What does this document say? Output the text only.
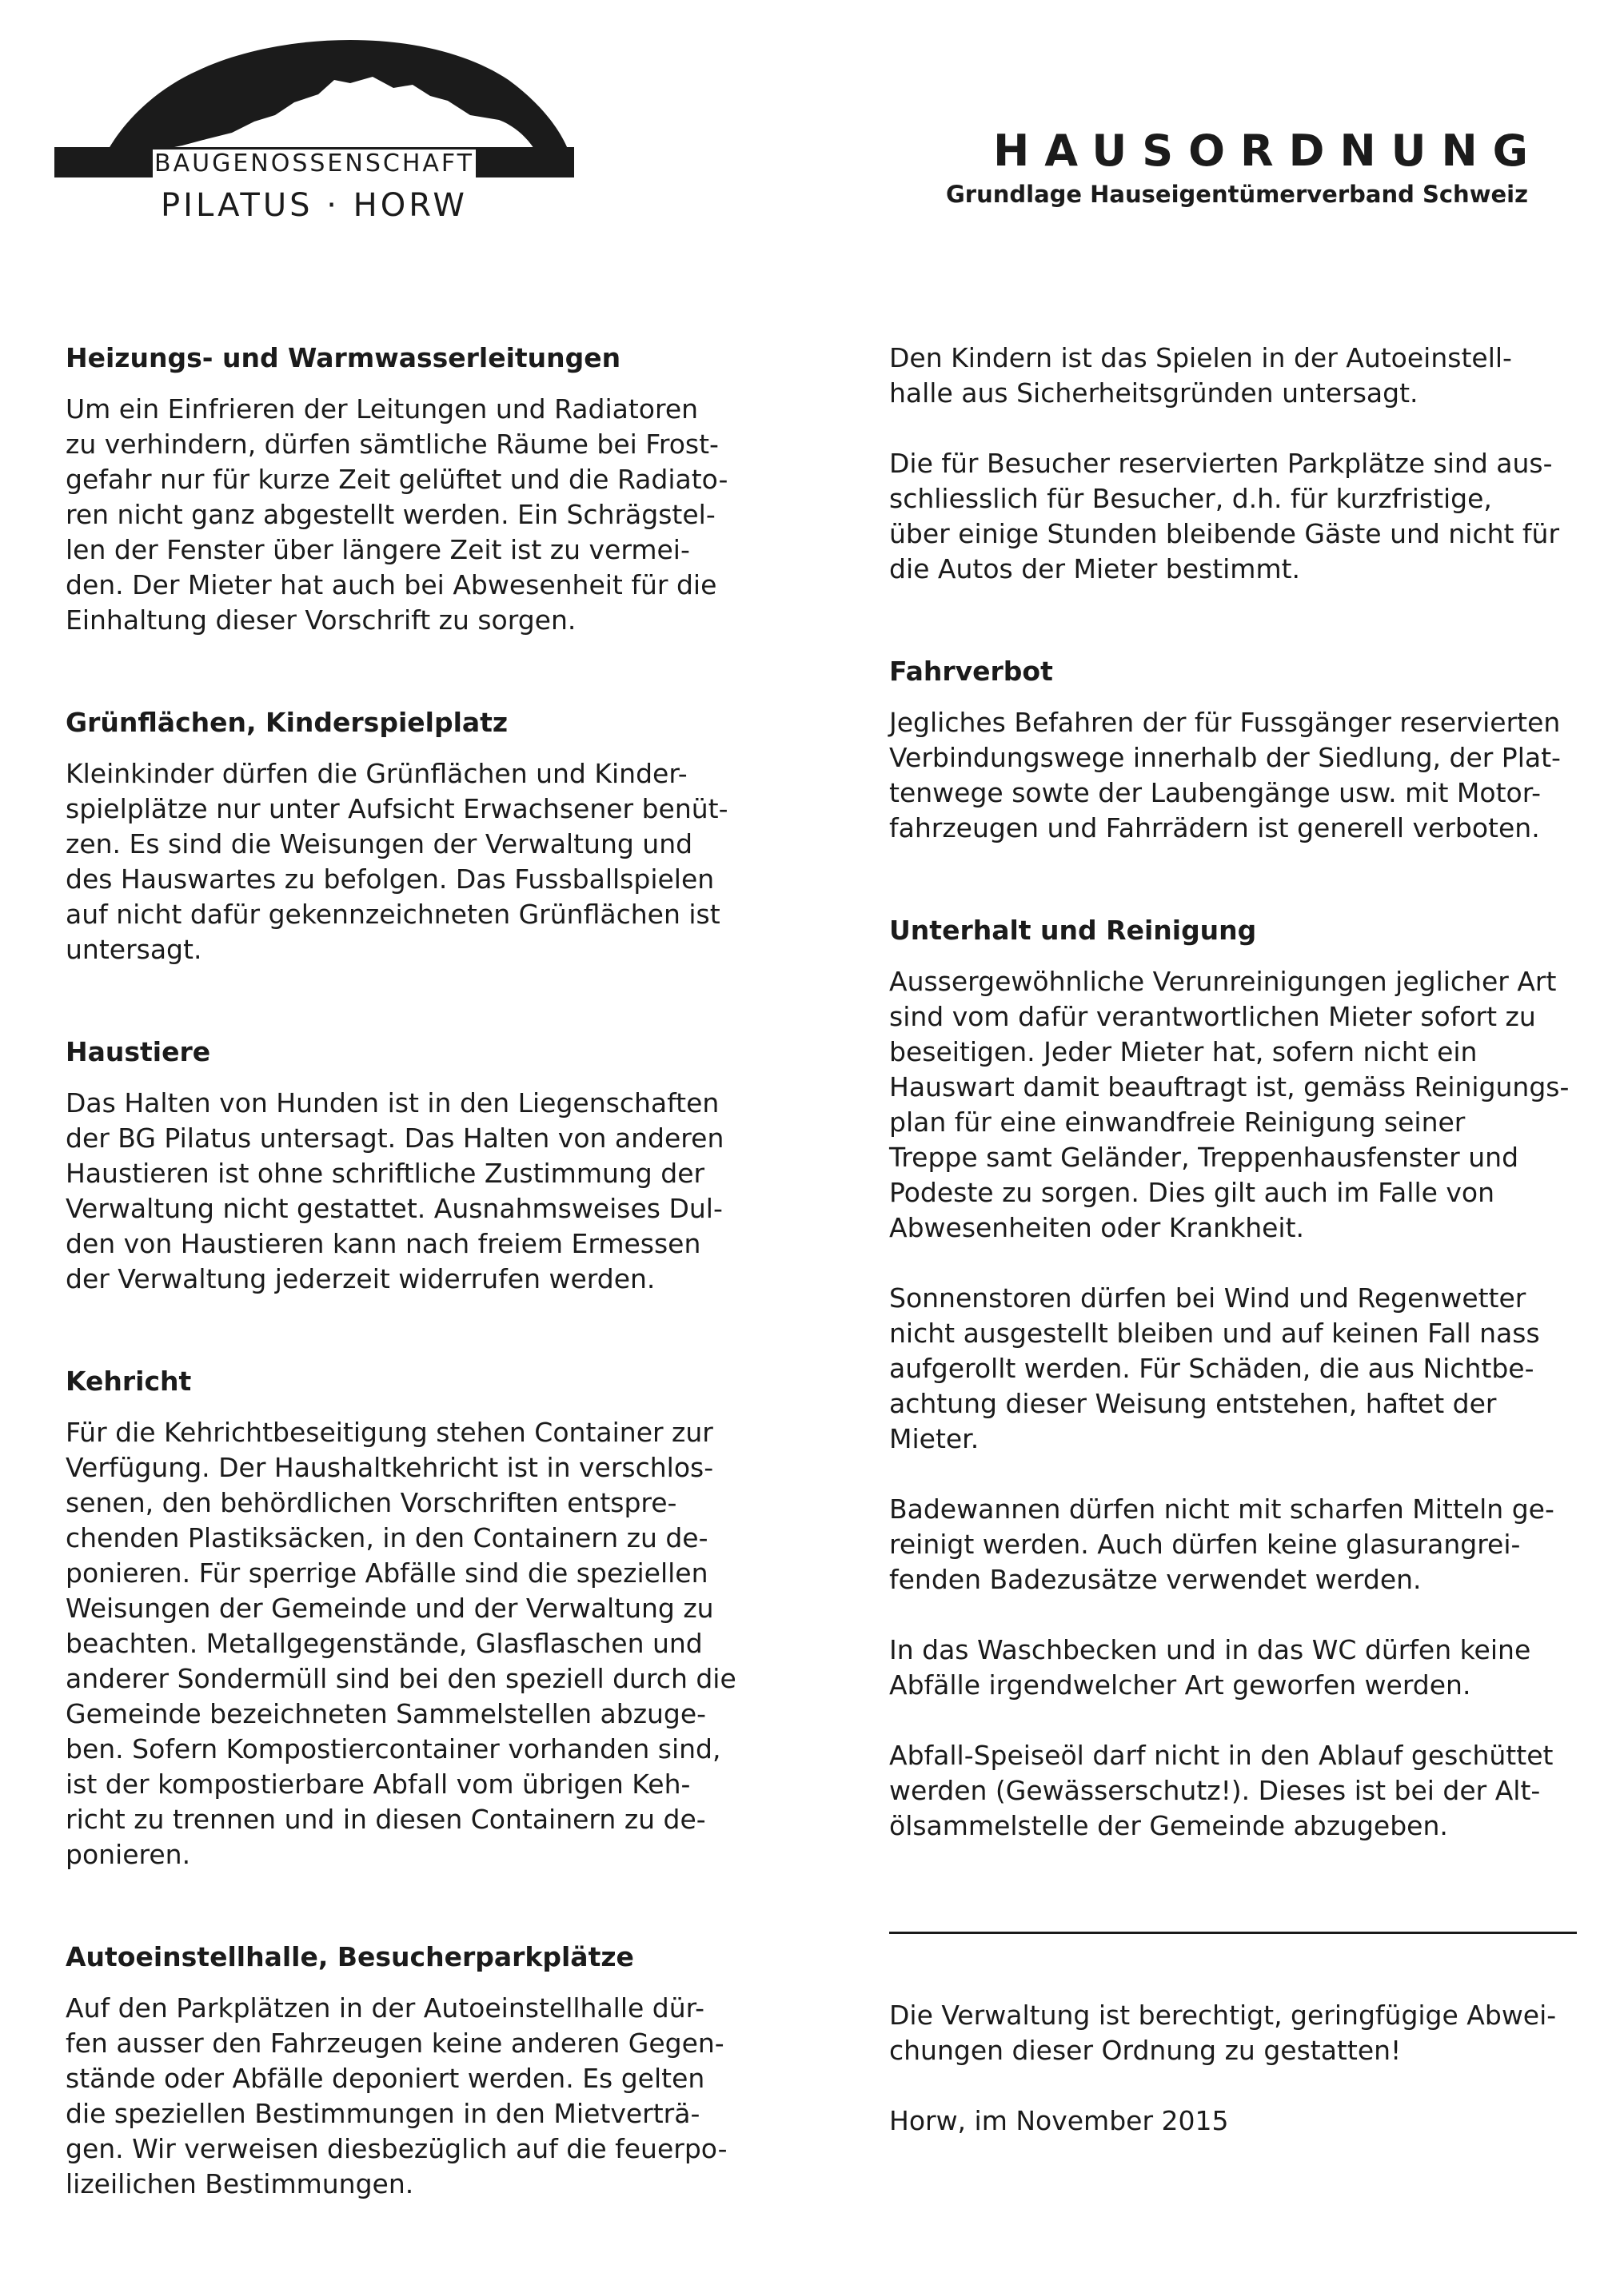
BAUGENOSSENSCHAFT
PILATUS · HORW
HAUSORDNUNG
Grundlage Hauseigentümerverband Schweiz
Heizungs- und Warmwasserleitungen

Um ein Einfrieren der Leitungen und Radiatoren
zu verhindern, dürfen sämtliche Räume bei Frost-
gefahr nur für kurze Zeit gelüftet und die Radiato-
ren nicht ganz abgestellt werden. Ein Schrägstel-
len der Fenster über längere Zeit ist zu vermei-
den. Der Mieter hat auch bei Abwesenheit für die
Einhaltung dieser Vorschrift zu sorgen.

Grünflächen, Kinderspielplatz

Kleinkinder dürfen die Grünflächen und Kinder-
spielplätze nur unter Aufsicht Erwachsener benüt-
zen. Es sind die Weisungen der Verwaltung und
des Hauswartes zu befolgen. Das Fussballspielen
auf nicht dafür gekennzeichneten Grünflächen ist
untersagt.

Haustiere

Das Halten von Hunden ist in den Liegenschaften
der BG Pilatus untersagt. Das Halten von anderen
Haustieren ist ohne schriftliche Zustimmung der
Verwaltung nicht gestattet. Ausnahmsweises Dul-
den von Haustieren kann nach freiem Ermessen
der Verwaltung jederzeit widerrufen werden.

Kehricht

Für die Kehrichtbeseitigung stehen Container zur
Verfügung. Der Haushaltkehricht ist in verschlos-
senen, den behördlichen Vorschriften entspre-
chenden Plastiksäcken, in den Containern zu de-
ponieren. Für sperrige Abfälle sind die speziellen
Weisungen der Gemeinde und der Verwaltung zu
beachten. Metallgegenstände, Glasflaschen und
anderer Sondermüll sind bei den speziell durch die
Gemeinde bezeichneten Sammelstellen abzuge-
ben. Sofern Kompostiercontainer vorhanden sind,
ist der kompostierbare Abfall vom übrigen Keh-
richt zu trennen und in diesen Containern zu de-
ponieren.

Autoeinstellhalle, Besucherparkplätze

Auf den Parkplätzen in der Autoeinstellhalle dür-
fen ausser den Fahrzeugen keine anderen Gegen-
stände oder Abfälle deponiert werden. Es gelten
die speziellen Bestimmungen in den Mietverträ-
gen. Wir verweisen diesbezüglich auf die feuerpo-
lizeilichen Bestimmungen.

Den Kindern ist das Spielen in der Autoeinstell-
halle aus Sicherheitsgründen untersagt.

Die für Besucher reservierten Parkplätze sind aus-
schliesslich für Besucher, d.h. für kurzfristige,
über einige Stunden bleibende Gäste und nicht für
die Autos der Mieter bestimmt.

Fahrverbot

Jegliches Befahren der für Fussgänger reservierten
Verbindungswege innerhalb der Siedlung, der Plat-
tenwege sowte der Laubengänge usw. mit Motor-
fahrzeugen und Fahrrädern ist generell verboten.

Unterhalt und Reinigung

Aussergewöhnliche Verunreinigungen jeglicher Art
sind vom dafür verantwortlichen Mieter sofort zu
beseitigen. Jeder Mieter hat, sofern nicht ein
Hauswart damit beauftragt ist, gemäss Reinigungs-
plan für eine einwandfreie Reinigung seiner
Treppe samt Geländer, Treppenhausfenster und
Podeste zu sorgen. Dies gilt auch im Falle von
Abwesenheiten oder Krankheit.

Sonnenstoren dürfen bei Wind und Regenwetter
nicht ausgestellt bleiben und auf keinen Fall nass
aufgerollt werden. Für Schäden, die aus Nichtbe-
achtung dieser Weisung entstehen, haftet der
Mieter.

Badewannen dürfen nicht mit scharfen Mitteln ge-
reinigt werden. Auch dürfen keine glasurangrei-
fenden Badezusätze verwendet werden.

In das Waschbecken und in das WC dürfen keine
Abfälle irgendwelcher Art geworfen werden.

Abfall-Speiseöl darf nicht in den Ablauf geschüttet
werden (Gewässerschutz!). Dieses ist bei der Alt-
ölsammelstelle der Gemeinde abzugeben.

Die Verwaltung ist berechtigt, geringfügige Abwei-
chungen dieser Ordnung zu gestatten!

Horw, im November 2015
